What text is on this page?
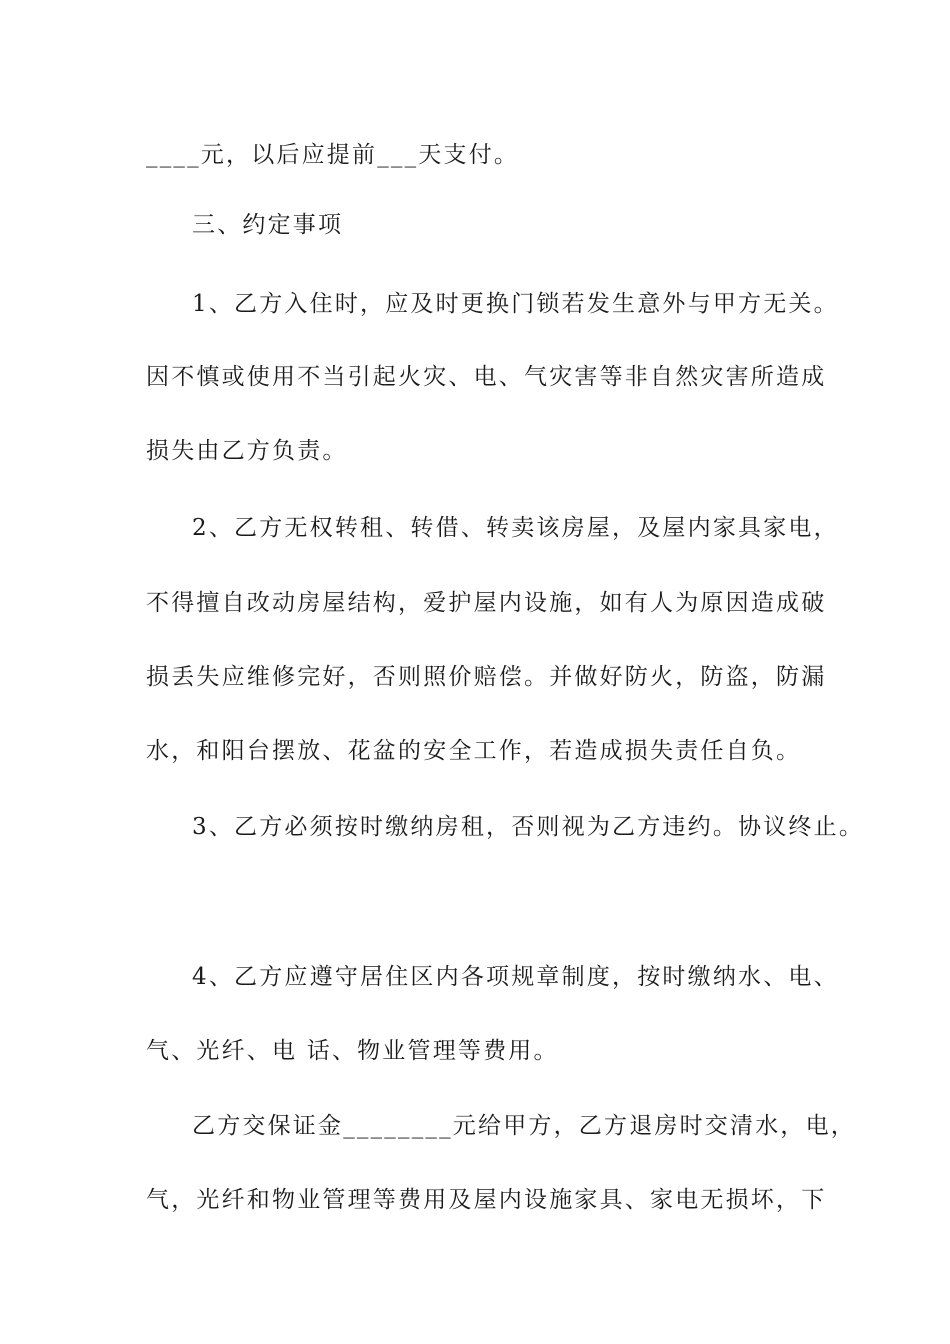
____元，以后应提前___天支付。
三、约定事项
1、乙方入住时，应及时更换门锁若发生意外与甲方无关。
因不慎或使用不当引起火灾、电、气灾害等非自然灾害所造成
损失由乙方负责。
2、乙方无权转租、转借、转卖该房屋，及屋内家具家电，
不得擅自改动房屋结构，爱护屋内设施，如有人为原因造成破
损丢失应维修完好，否则照价赔偿。并做好防火，防盗，防漏
水，和阳台摆放、花盆的安全工作，若造成损失责任自负。
3、乙方必须按时缴纳房租，否则视为乙方违约。协议终止。
4、乙方应遵守居住区内各项规章制度，按时缴纳水、电、
气、光纤、电 话、物业管理等费用。
乙方交保证金________元给甲方，乙方退房时交清水，电，
气，光纤和物业管理等费用及屋内设施家具、家电无损坏，下
